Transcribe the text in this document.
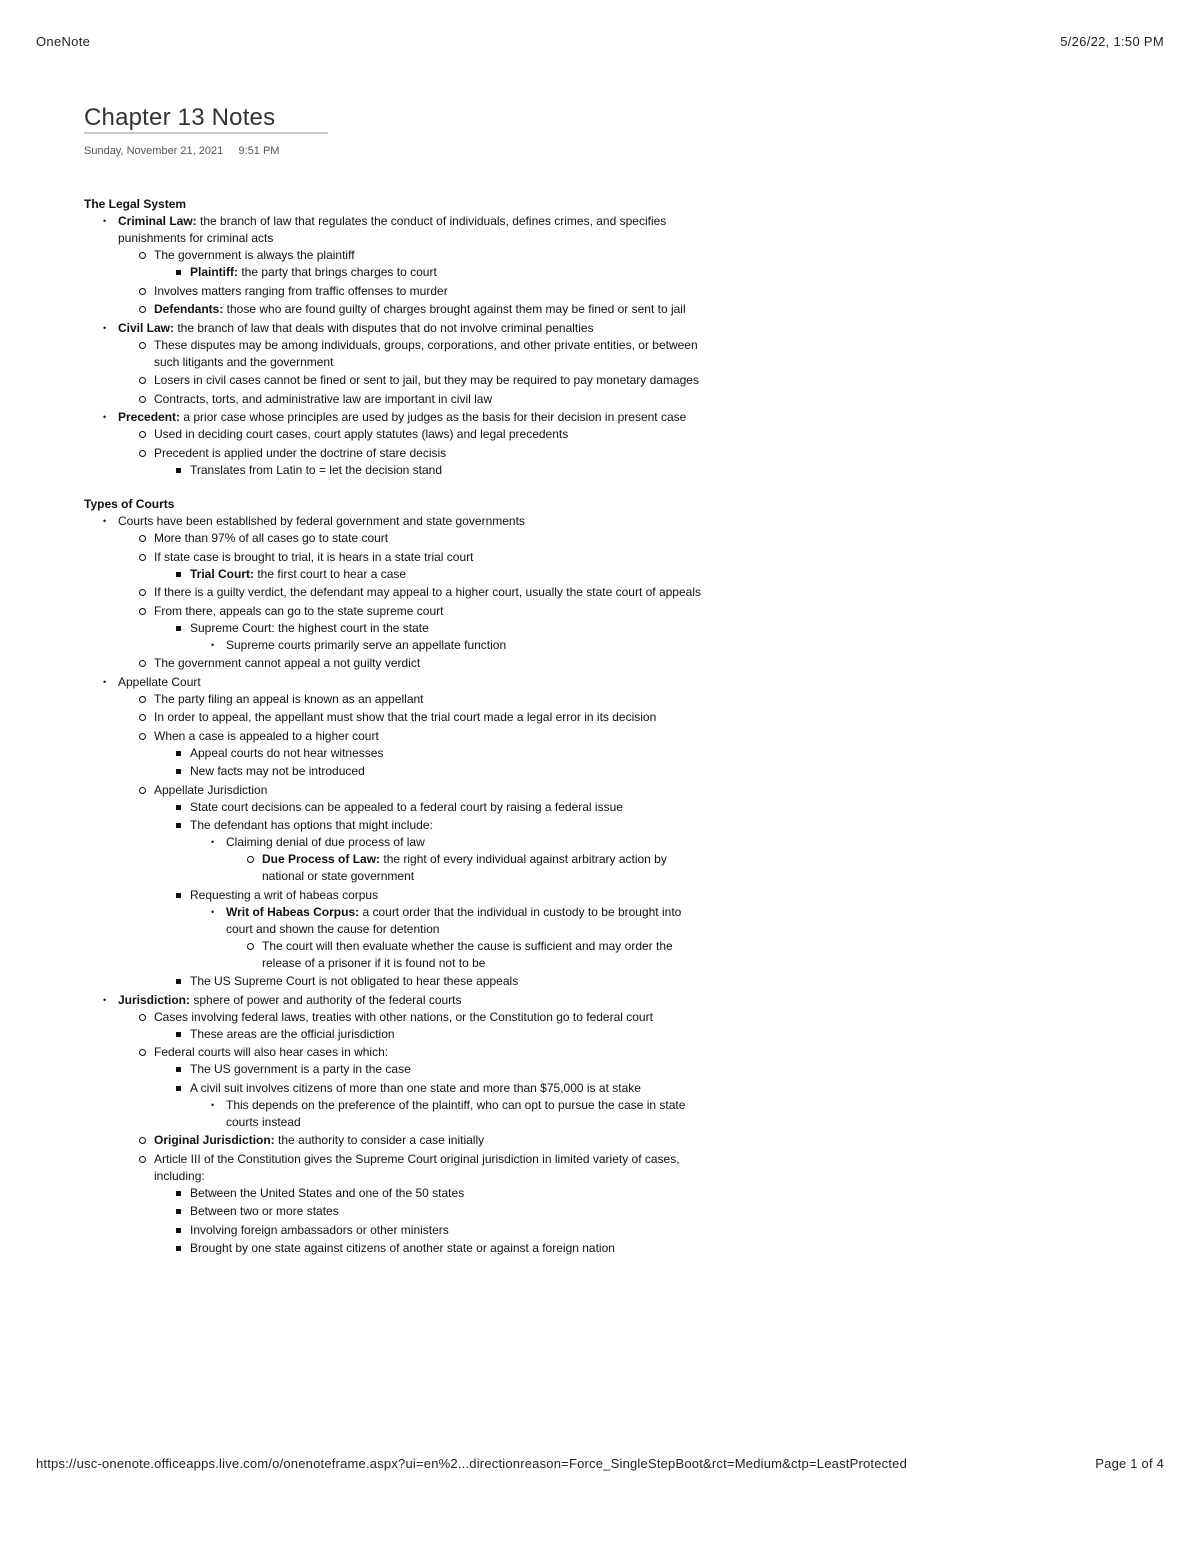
OneNote	5/26/22, 1:50 PM
Chapter 13 Notes
Sunday, November 21, 2021 9:51 PM
The Legal System
• Criminal Law: the branch of law that regulates the conduct of individuals, defines crimes, and specifies punishments for criminal acts
The government is always the plaintiff
Plaintiff: the party that brings charges to court
Involves matters ranging from traffic offenses to murder
Defendants: those who are found guilty of charges brought against them may be fined or sent to jail
• Civil Law: the branch of law that deals with disputes that do not involve criminal penalties
These disputes may be among individuals, groups, corporations, and other private entities, or between such litigants and the government
Losers in civil cases cannot be fined or sent to jail, but they may be required to pay monetary damages
Contracts, torts, and administrative law are important in civil law
• Precedent: a prior case whose principles are used by judges as the basis for their decision in present case
Used in deciding court cases, court apply statutes (laws) and legal precedents
Precedent is applied under the doctrine of stare decisis
Translates from Latin to = let the decision stand
Types of Courts
• Courts have been established by federal government and state governments
More than 97% of all cases go to state court
If state case is brought to trial, it is hears in a state trial court
Trial Court: the first court to hear a case
If there is a guilty verdict, the defendant may appeal to a higher court, usually the state court of appeals
From there, appeals can go to the state supreme court
Supreme Court: the highest court in the state
• Supreme courts primarily serve an appellate function
The government cannot appeal a not guilty verdict
• Appellate Court
The party filing an appeal is known as an appellant
In order to appeal, the appellant must show that the trial court made a legal error in its decision
When a case is appealed to a higher court
Appeal courts do not hear witnesses
New facts may not be introduced
Appellate Jurisdiction
State court decisions can be appealed to a federal court by raising a federal issue
The defendant has options that might include:
• Claiming denial of due process of law
Due Process of Law: the right of every individual against arbitrary action by national or state government
Requesting a writ of habeas corpus
• Writ of Habeas Corpus: a court order that the individual in custody to be brought into court and shown the cause for detention
The court will then evaluate whether the cause is sufficient and may order the release of a prisoner if it is found not to be
The US Supreme Court is not obligated to hear these appeals
• Jurisdiction: sphere of power and authority of the federal courts
Cases involving federal laws, treaties with other nations, or the Constitution go to federal court
These areas are the official jurisdiction
Federal courts will also hear cases in which:
The US government is a party in the case
A civil suit involves citizens of more than one state and more than $75,000 is at stake
• This depends on the preference of the plaintiff, who can opt to pursue the case in state courts instead
Original Jurisdiction: the authority to consider a case initially
Article III of the Constitution gives the Supreme Court original jurisdiction in limited variety of cases, including:
Between the United States and one of the 50 states
Between two or more states
Involving foreign ambassadors or other ministers
Brought by one state against citizens of another state or against a foreign nation
https://usc-onenote.officeapps.live.com/o/onenoteframe.aspx?ui=en%2...directionreason=Force_SingleStepBoot&rct=Medium&ctp=LeastProtected	Page 1 of 4
